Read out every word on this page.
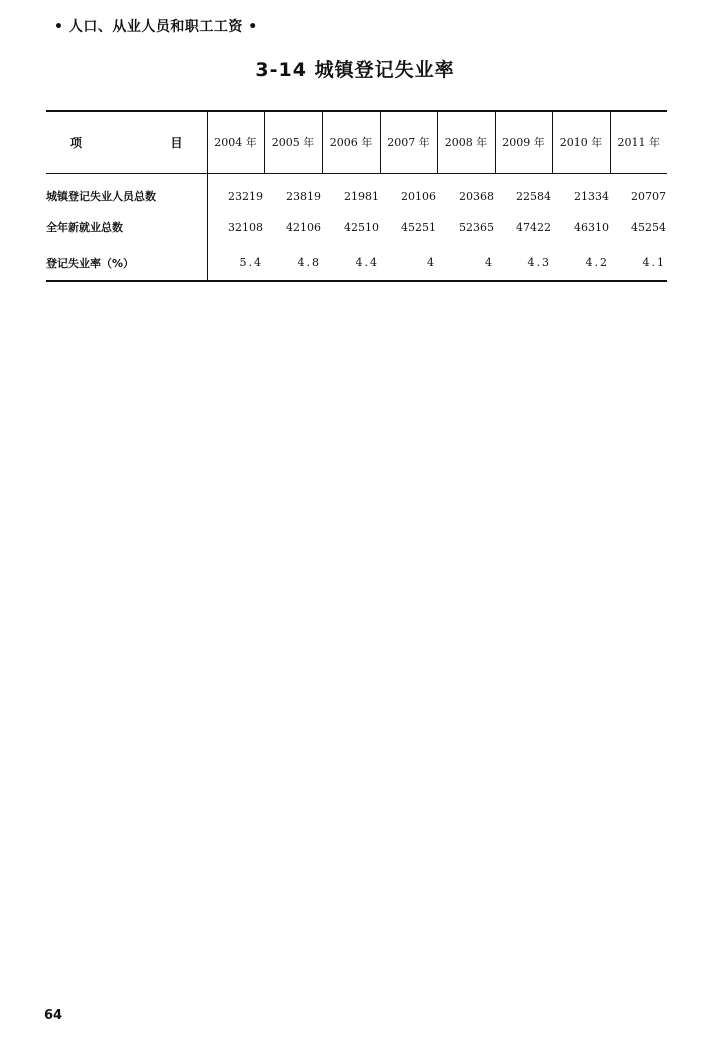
• 人口、从业人员和职工工资 •
3-14 城镇登记失业率
项 目	2004 年	2005 年	2006 年	2007 年	2008 年	2009 年	2010 年	2011 年
城镇登记失业人员总数	23219	23819	21981	20106	20368	22584	21334	20707
全年新就业总数	32108	42106	42510	45251	52365	47422	46310	45254
登记失业率（%）	5.4	4.8	4.4	4	4	4.3	4.2	4.1
64
